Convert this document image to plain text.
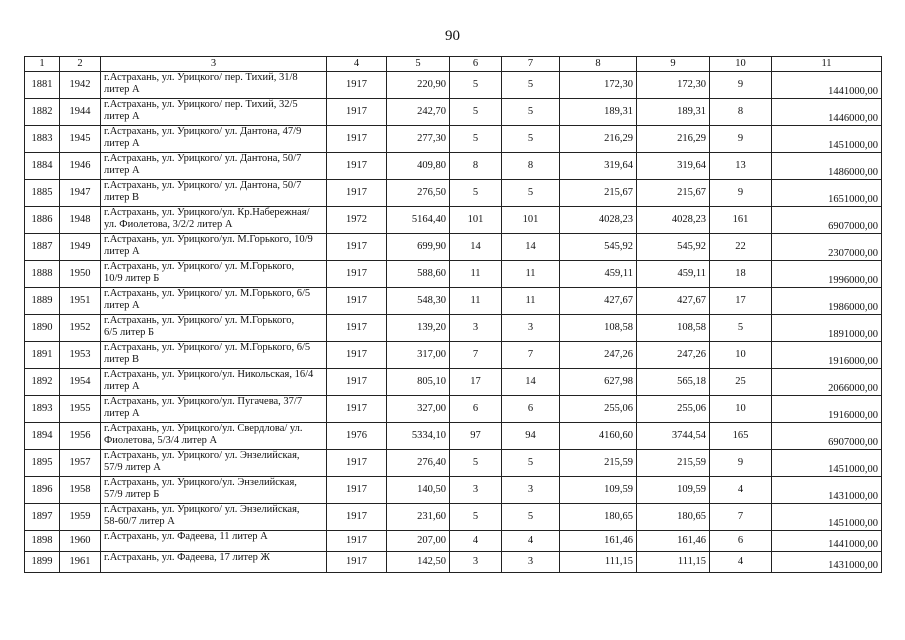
90
1	2	3	4	5	6	7	8	9	10	11
1881	1942	г.Астрахань, ул. Урицкого/ пер. Тихий, 31/8
литер А	1917	220,90	5	5	172,30	172,30	9	1441000,00
1882	1944	г.Астрахань, ул. Урицкого/ пер. Тихий, 32/5
литер А	1917	242,70	5	5	189,31	189,31	8	1446000,00
1883	1945	г.Астрахань, ул. Урицкого/ ул. Дантона, 47/9
литер А	1917	277,30	5	5	216,29	216,29	9	1451000,00
1884	1946	г.Астрахань, ул. Урицкого/ ул. Дантона, 50/7
литер А	1917	409,80	8	8	319,64	319,64	13	1486000,00
1885	1947	г.Астрахань, ул. Урицкого/ ул. Дантона, 50/7
литер В	1917	276,50	5	5	215,67	215,67	9	1651000,00
1886	1948	г.Астрахань, ул. Урицкого/ул. Кр.Набережная/
ул. Фиолетова, 3/2/2 литер А	1972	5164,40	101	101	4028,23	4028,23	161	6907000,00
1887	1949	г.Астрахань, ул. Урицкого/ул. М.Горького, 10/9
литер А	1917	699,90	14	14	545,92	545,92	22	2307000,00
1888	1950	г.Астрахань, ул. Урицкого/ ул. М.Горького,
10/9 литер Б	1917	588,60	11	11	459,11	459,11	18	1996000,00
1889	1951	г.Астрахань, ул. Урицкого/ ул. М.Горького, 6/5
литер А	1917	548,30	11	11	427,67	427,67	17	1986000,00
1890	1952	г.Астрахань, ул. Урицкого/ ул. М.Горького,
6/5 литер Б	1917	139,20	3	3	108,58	108,58	5	1891000,00
1891	1953	г.Астрахань, ул. Урицкого/ ул. М.Горького, 6/5
литер В	1917	317,00	7	7	247,26	247,26	10	1916000,00
1892	1954	г.Астрахань, ул. Урицкого/ул. Никольская, 16/4
литер А	1917	805,10	17	14	627,98	565,18	25	2066000,00
1893	1955	г.Астрахань, ул. Урицкого/ул. Пугачева, 37/7
литер А	1917	327,00	6	6	255,06	255,06	10	1916000,00
1894	1956	г.Астрахань, ул. Урицкого/ул. Свердлова/ ул.
Фиолетова, 5/3/4 литер А	1976	5334,10	97	94	4160,60	3744,54	165	6907000,00
1895	1957	г.Астрахань, ул. Урицкого/ ул. Энзелийская,
57/9 литер А	1917	276,40	5	5	215,59	215,59	9	1451000,00
1896	1958	г.Астрахань, ул. Урицкого/ул. Энзелийская,
57/9 литер Б	1917	140,50	3	3	109,59	109,59	4	1431000,00
1897	1959	г.Астрахань, ул. Урицкого/ ул. Энзелийская,
58-60/7 литер А	1917	231,60	5	5	180,65	180,65	7	1451000,00
1898	1960	г.Астрахань, ул. Фадеева, 11 литер А	1917	207,00	4	4	161,46	161,46	6	1441000,00
1899	1961	г.Астрахань, ул. Фадеева, 17 литер Ж	1917	142,50	3	3	111,15	111,15	4	1431000,00
